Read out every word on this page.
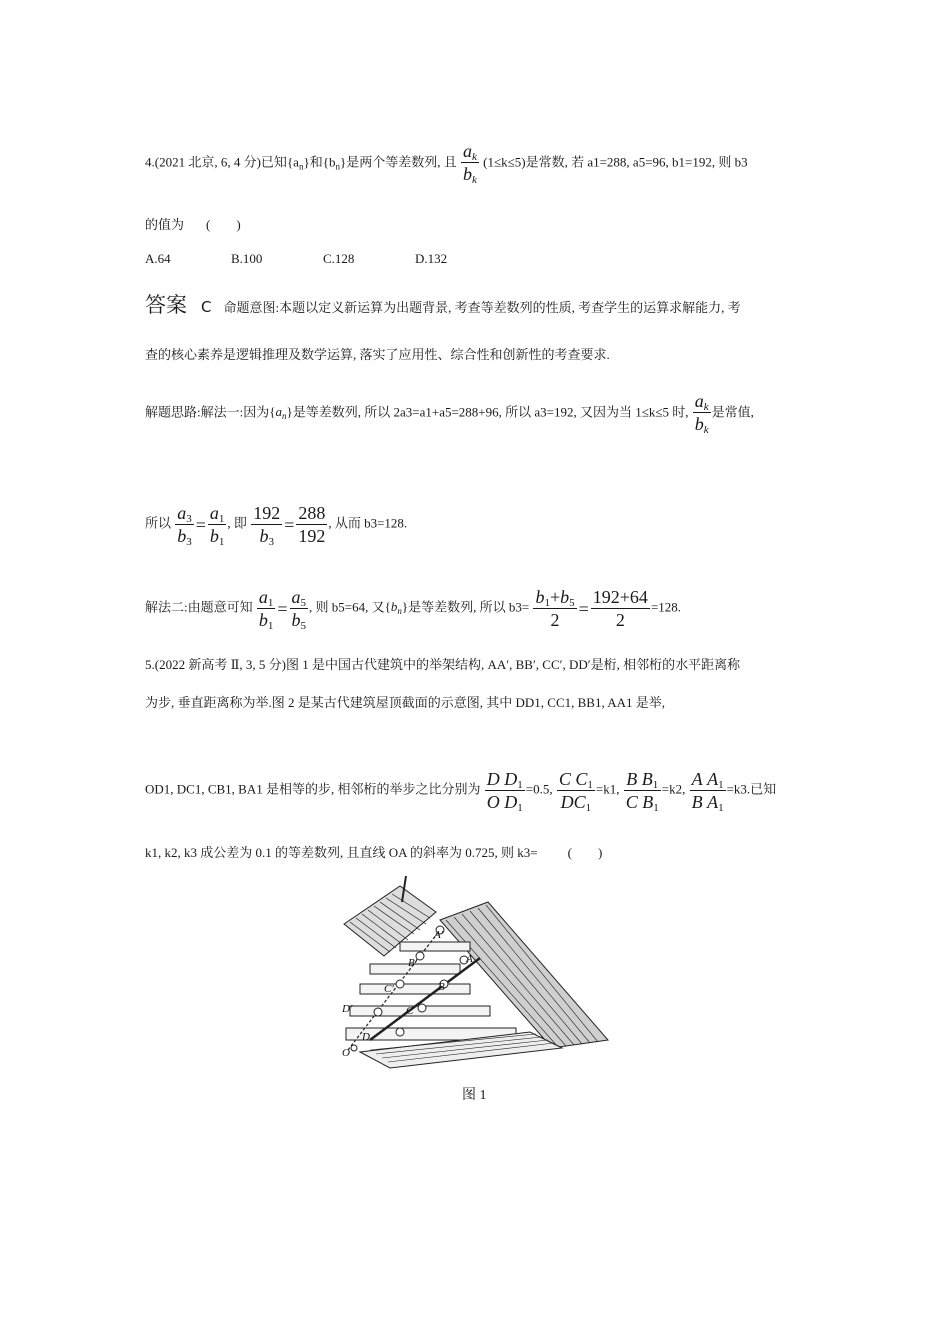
4.(2021 北京, 6, 4 分)已知$\{a_n\}$和$\{b_n\}$是两个等差数列, 且 $\frac{a_k}{b_k} (1\le k\le 5)$是常数, 若 a1=288, a5=96, b1=192, 则 b3
的值为 (　　)
A.64	B.100	C.128	D.132
答案 C 命题意图:本题以定义新运算为出题背景, 考查等差数列的性质, 考查学生的运算求解能力, 考
查的核心素养是逻辑推理及数学运算, 落实了应用性、综合性和创新性的考查要求.
解题思路:解法一:因为$\{a_n\}$是等差数列, 所以 2a3=a1+a5=288+96, 所以 a3=192, 又因为当 1≤k≤5 时, $\frac{a_k}{b_k}$ 是常值,
所以 $\frac{a_3}{b_3} = \frac{a_1}{b_1}$ , 即 $\frac{192}{b_3} = \frac{288}{192}$ , 从而 b3=128.
解法二:由题意可知 $\frac{a_1}{b_1} = \frac{a_5}{b_5}$ , 则 b5=64, 又$\{b_n\}$是等差数列, 所以 $b3= \frac{b_1+b_5}{2} = \frac{192+64}{2} =128$.
5.(2022 新高考 Ⅱ, 3, 5 分)图 1 是中国古代建筑中的举架结构, AA′, BB′, CC′, DD′是桁, 相邻桁的水平距离称
为步, 垂直距离称为举.图 2 是某古代建筑屋顶截面的示意图, 其中 DD1, CC1, BB1, AA1 是举,
OD1, DC1, CB1, BA1 是相等的步, 相邻桁的举步之比分别为 $\frac{D D_1}{O D_1} =0.5$, $\frac{C C_1}{DC_1} =k1$, $\frac{B B_1}{C B_1} =k2$, $\frac{A A_1}{B A_1} =k3$.已知
k1, k2, k3 成公差为 0.1 的等差数列, 且直线 OA 的斜率为 0.725, 则 k3= (　　)
A′
B′
C′
D′
A
B
C
D
O
图 1
